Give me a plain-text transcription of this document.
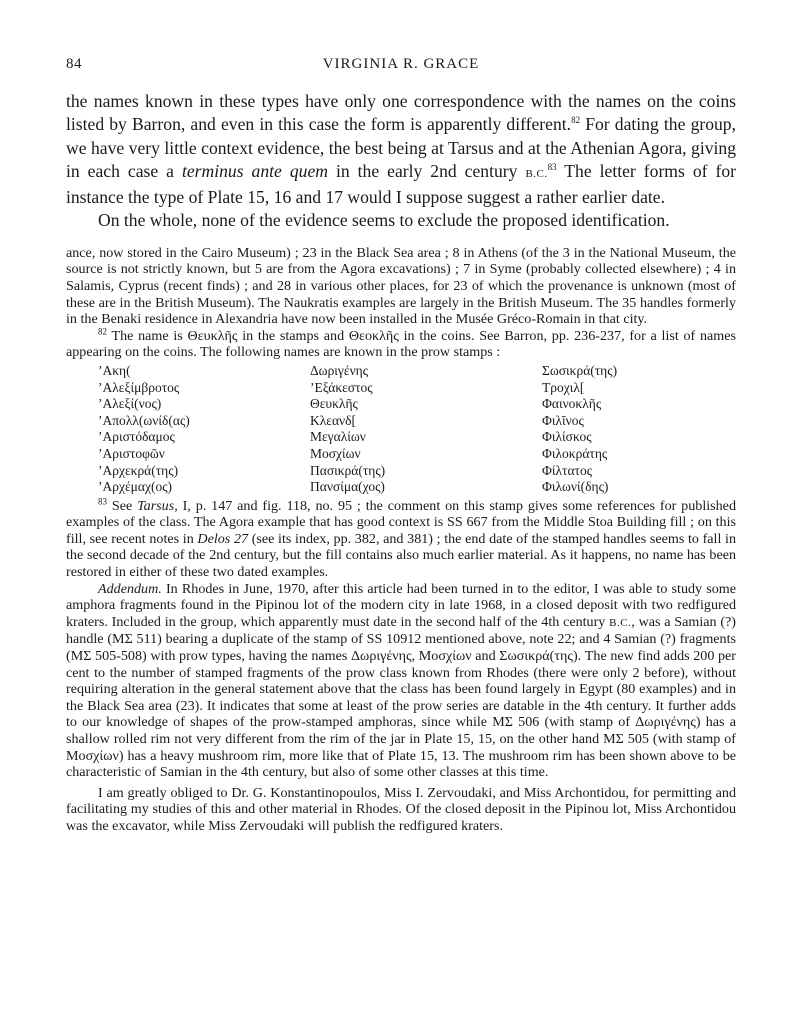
84	VIRGINIA R. GRACE

the names known in these types have only one correspondence with the names on the coins listed by Barron, and even in this case the form is apparently different.$^{82}$ For dating the group, we have very little context evidence, the best being at Tarsus and at the Athenian Agora, giving in each case a terminus ante quem in the early 2nd century B.C.$^{83}$ The letter forms of for instance the type of Plate 15, 16 and 17 would I suppose suggest a rather earlier date.

On the whole, none of the evidence seems to exclude the proposed identification.

ance, now stored in the Cairo Museum) ; 23 in the Black Sea area ; 8 in Athens (of the 3 in the National Museum, the source is not strictly known, but 5 are from the Agora excavations) ; 7 in Syme (probably collected elsewhere) ; 4 in Salamis, Cyprus (recent finds) ; and 28 in various other places, for 23 of which the provenance is unknown (most of these are in the British Museum). The Naukratis examples are largely in the British Museum. The 35 handles formerly in the Benaki residence in Alexandria have now been installed in the Musée Gréco-Romain in that city.

$^{82}$ The name is Θευκλῆς in the stamps and Θεοκλῆς in the coins. See Barron, pp. 236-237, for a list of names appearing on the coins. The following names are known in the prow stamps :

’Ακη(	Δωριγένης	Σωσικρά(της)
’Αλεξίμβροτος	’Εξάκεστος	Τροχιλ[
’Αλεξί(νος)	Θευκλῆς	Φαινοκλῆς
’Απολλ(ωνίδ(ας)	Κλεανδ[	Φιλῖνος
’Αριστόδαμος	Μεγαλίων	Φιλίσκος
’Αριστοφῶν	Μοσχίων	Φιλοκράτης
’Αρχεκρά(της)	Πασικρά(της)	Φίλτατος
’Αρχέμαχ(ος)	Πανσίμα(χος)	Φιλωνί(δης)

$^{83}$ See Tarsus, I, p. 147 and fig. 118, no. 95 ; the comment on this stamp gives some references for published examples of the class. The Agora example that has good context is SS 667 from the Middle Stoa Building fill ; on this fill, see recent notes in Delos 27 (see its index, pp. 382, and 381) ; the end date of the stamped handles seems to fall in the second decade of the 2nd century, but the fill contains also much earlier material. As it happens, no name has been restored in either of these two dated examples.

Addendum. In Rhodes in June, 1970, after this article had been turned in to the editor, I was able to study some amphora fragments found in the Pipinou lot of the modern city in late 1968, in a closed deposit with two redfigured kraters. Included in the group, which apparently must date in the second half of the 4th century B.C., was a Samian (?) handle (ΜΣ 511) bearing a duplicate of the stamp of SS 10912 mentioned above, note 22; and 4 Samian (?) fragments (ΜΣ 505-508) with prow types, having the names Δωριγένης, Μοσχίων and Σωσικρά(της). The new find adds 200 per cent to the number of stamped fragments of the prow class known from Rhodes (there were only 2 before), without requiring alteration in the general statement above that the class has been found largely in Egypt (80 examples) and in the Black Sea area (23). It indicates that some at least of the prow series are datable in the 4th century. It further adds to our knowledge of shapes of the prow-stamped amphoras, since while ΜΣ 506 (with stamp of Δωριγένης) has a shallow rolled rim not very different from the rim of the jar in Plate 15, 15, on the other hand ΜΣ 505 (with stamp of Μοσχίων) has a heavy mushroom rim, more like that of Plate 15, 13. The mushroom rim has been shown above to be characteristic of Samian in the 4th century, but also of some other classes at this time.

I am greatly obliged to Dr. G. Konstantinopoulos, Miss I. Zervoudaki, and Miss Archontidou, for permitting and facilitating my studies of this and other material in Rhodes. Of the closed deposit in the Pipinou lot, Miss Archontidou was the excavator, while Miss Zervoudaki will publish the redfigured kraters.
